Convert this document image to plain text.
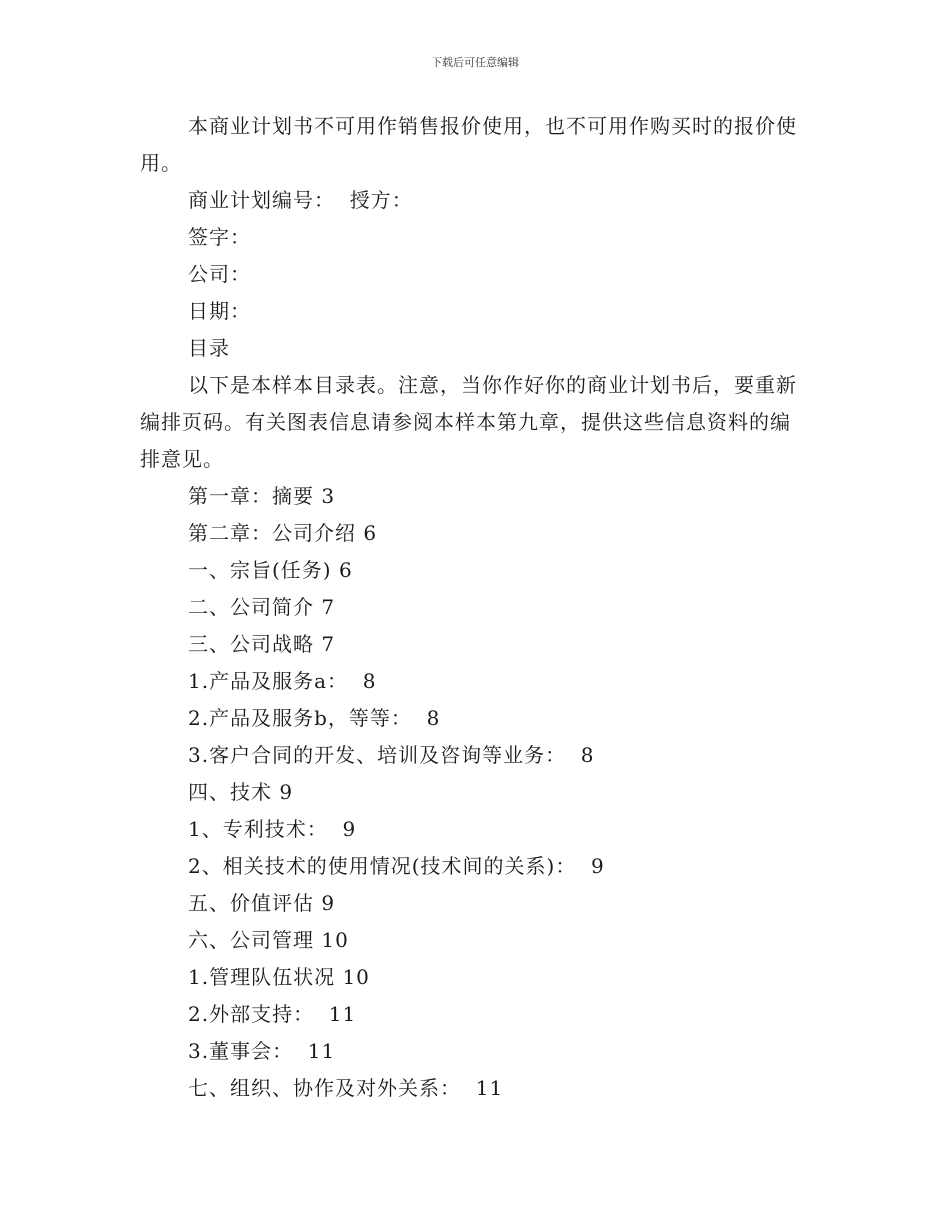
下载后可任意编辑

本商业计划书不可用作销售报价使用，也不可用作购买时的报价使用。

商业计划编号：  授方：

签字：

公司：

日期：

目录

以下是本样本目录表。注意，当你作好你的商业计划书后，要重新编排页码。有关图表信息请参阅本样本第九章，提供这些信息资料的编排意见。

第一章：摘要 3

第二章：公司介绍 6

一、宗旨(任务) 6

二、公司简介 7

三、公司战略 7

1.产品及服务a：  8

2.产品及服务b，等等：  8

3.客户合同的开发、培训及咨询等业务：  8

四、技术 9

1、专利技术：  9

2、相关技术的使用情况(技术间的关系)：  9

五、价值评估 9

六、公司管理 10

1.管理队伍状况 10

2.外部支持：  11

3.董事会：  11

七、组织、协作及对外关系：  11
